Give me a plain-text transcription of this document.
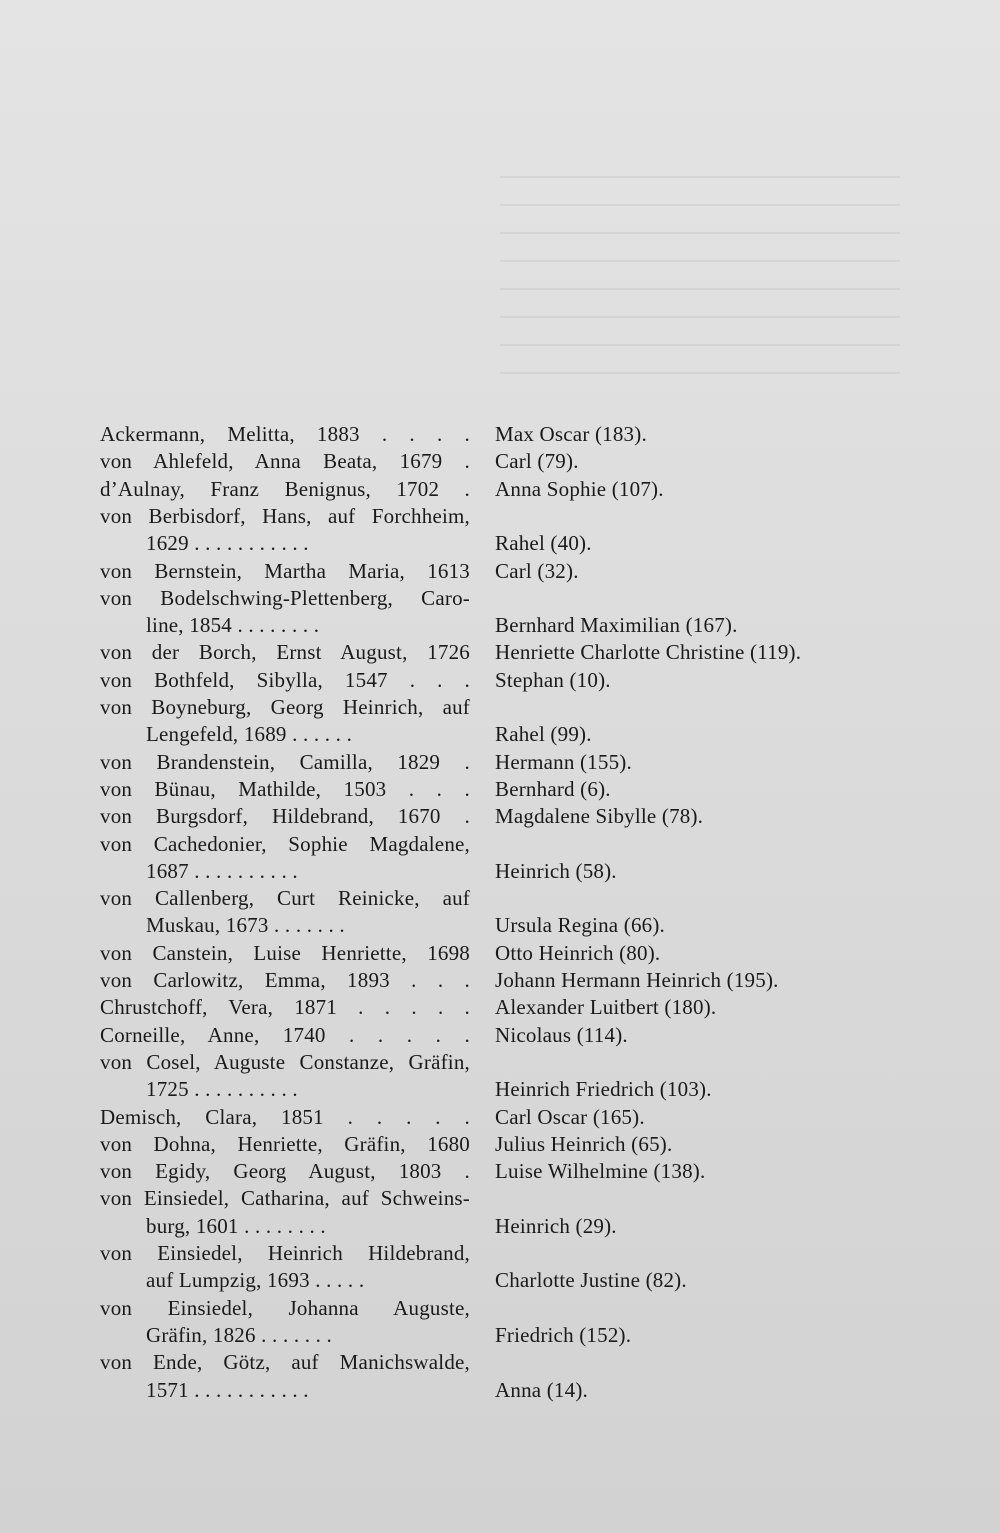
Ackermann, Melitta, 1883 . . . . Max Oscar (183).
von Ahlefeld, Anna Beata, 1679 . Carl (79).
d’Aulnay, Franz Benignus, 1702 . Anna Sophie (107).
von Berbisdorf, Hans, auf Forchheim,
1629 . . . . . . . . . . .	Rahel (40).
von Bernstein, Martha Maria, 1613 Carl (32).
von Bodelschwing-Plettenberg, Caro-
line, 1854 . . . . . . . .	Bernhard Maximilian (167).
von der Borch, Ernst August, 1726 Henriette Charlotte Christine (119).
von Bothfeld, Sibylla, 1547 . . . Stephan (10).
von Boyneburg, Georg Heinrich, auf
Lengefeld, 1689 . . . . . .	Rahel (99).
von Brandenstein, Camilla, 1829 . Hermann (155).
von Bünau, Mathilde, 1503 . . . Bernhard (6).
von Burgsdorf, Hildebrand, 1670 . Magdalene Sibylle (78).
von Cachedonier, Sophie Magdalene,
1687 . . . . . . . . . .	Heinrich (58).
von Callenberg, Curt Reinicke, auf
Muskau, 1673 . . . . . . .	Ursula Regina (66).
von Canstein, Luise Henriette, 1698 Otto Heinrich (80).
von Carlowitz, Emma, 1893 . . . Johann Hermann Heinrich (195).
Chrustchoff, Vera, 1871 . . . . . Alexander Luitbert (180).
Corneille, Anne, 1740 . . . . . Nicolaus (114).
von Cosel, Auguste Constanze, Gräfin,
1725 . . . . . . . . . .	Heinrich Friedrich (103).
Demisch, Clara, 1851 . . . . . Carl Oscar (165).
von Dohna, Henriette, Gräfin, 1680 Julius Heinrich (65).
von Egidy, Georg August, 1803 . Luise Wilhelmine (138).
von Einsiedel, Catharina, auf Schweins-
burg, 1601 . . . . . . . .	Heinrich (29).
von Einsiedel, Heinrich Hildebrand,
auf Lumpzig, 1693 . . . . .	Charlotte Justine (82).
von Einsiedel, Johanna Auguste,
Gräfin, 1826 . . . . . . .	Friedrich (152).
von Ende, Götz, auf Manichswalde,
1571 . . . . . . . . . . .	Anna (14).
